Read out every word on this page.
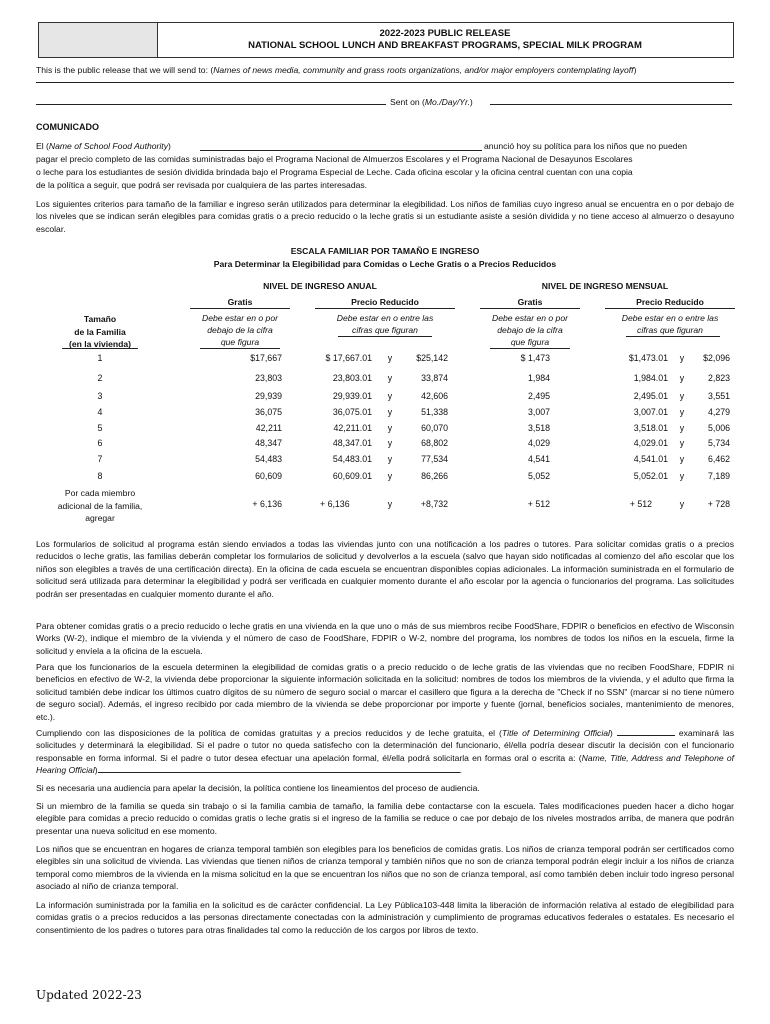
2022-2023 PUBLIC RELEASE
NATIONAL SCHOOL LUNCH AND BREAKFAST PROGRAMS, SPECIAL MILK PROGRAM
This is the public release that we will send to: (Names of news media, community and grass roots organizations, and/or major employers contemplating layoff)
Sent on (Mo./Day/Yr.)
COMUNICADO
El (Name of School Food Authority)	anunció hoy su política para los niños que no pueden
pagar el precio completo de las comidas suministradas bajo el Programa Nacional de Almuerzos Escolares y el Programa Nacional de Desayunos Escolares
o leche para los estudiantes de sesión dividida brindada bajo el Programa Especial de Leche. Cada oficina escolar y la oficina central cuentan con una copia
de la política a seguir, que podrá ser revisada por cualquiera de las partes interesadas.
Los siguientes criterios para tamaño de la familiar e ingreso serán utilizados para determinar la elegibilidad. Los niños de familias cuyo ingreso anual se encuentra en o por debajo de los niveles que se indican serán elegibles para comidas gratis o a precio reducido o la leche gratis si un estudiante asiste a sesión dividida y no tiene acceso al almuerzo o desayuno escolar.
ESCALA FAMILIAR POR TAMAÑO E INGRESO
Para Determinar la Elegibilidad para Comidas o Leche Gratis o a Precios Reducidos
NIVEL DE INGRESO ANUAL	NIVEL DE INGRESO MENSUAL
Gratis	Precio Reducido	Gratis	Precio Reducido
Tamaño
de la Familia
(en la vivienda)
Debe estar en o por
debajo de la cifra
que figura
Debe estar en o entre las
cifras que figuran
Debe estar en o por
debajo de la cifra
que figura
Debe estar en o entre las
cifras que figuran
1	$17,667	$ 17,667.01	y	$25,142	$ 1,473	$1,473.01	y	$2,096
2	23,803	23,803.01	y	33,874	1,984	1,984.01	y	2,823
3	29,939	29,939.01	y	42,606	2,495	2,495.01	y	3,551
4	36,075	36,075.01	y	51,338	3,007	3,007.01	y	4,279
5	42,211	42,211.01	y	60,070	3,518	3,518.01	y	5,006
6	48,347	48,347.01	y	68,802	4,029	4,029.01	y	5,734
7	54,483	54,483.01	y	77,534	4,541	4,541.01	y	6,462
8	60,609	60,609.01	y	86,266	5,052	5,052.01	y	7,189
Por cada miembro
adicional de la familia,
agregar
+ 6,136	+ 6,136	y	+8,732	+ 512	+ 512	y	+ 728
Los formularios de solicitud al programa están siendo enviados a todas las viviendas junto con una notificación a los padres o tutores. Para solicitar comidas gratis o a precios reducidos o leche gratis, las familias deberán completar los formularios de solicitud y devolverlos a la escuela (salvo que hayan sido notificadas al comienzo del año escolar que los niños son elegibles a través de una certificación directa). En la oficina de cada escuela se encuentran disponibles copias adicionales. La información suministrada en el formulario de solicitud será utilizada para determinar la elegibilidad y podrá ser verificada en cualquier momento durante el año escolar por la agencia o funcionarios del programa. Las solicitudes podrán ser presentadas en cualquier momento durante el año.
Para obtener comidas gratis o a precio reducido o leche gratis en una vivienda en la que uno o más de sus miembros recibe FoodShare, FDPIR o beneficios en efectivo de Wisconsin Works (W-2), indique el miembro de la vivienda y el número de caso de FoodShare, FDPIR o W-2, nombre del programa, los nombres de todos los niños en la escuela, firme la solicitud y envíela a la oficina de la escuela.
Para que los funcionarios de la escuela determinen la elegibilidad de comidas gratis o a precio reducido o de leche gratis de las viviendas que no reciben FoodShare, FDPIR ni beneficios en efectivo de W-2, la vivienda debe proporcionar la siguiente información solicitada en la solicitud: nombres de todos los miembros de la vivienda, y el adulto que firma la solicitud también debe indicar los últimos cuatro dígitos de su número de seguro social o marcar el casillero que figura a la derecha de "Check if no SSN" (marcar si no tiene número de seguro social). Además, el ingreso recibido por cada miembro de la vivienda se debe proporcionar por importe y fuente (jornal, beneficios sociales, mantenimiento de menores, etc.).
Cumpliendo con las disposiciones de la política de comidas gratuitas y a precios reducidos y de leche gratuita, el (Title of Determining Official)	examinará las solicitudes y determinará la elegibilidad. Si el padre o tutor no queda satisfecho con la determinación del funcionario, él/ella podría desear discutir la decisión con el funcionario responsable en forma informal. Si el padre o tutor desea efectuar una apelación formal, él/ella podrá solicitarla en formas oral o escrita a: (Name, Title, Address and Telephone of Hearing Official)	.
Si es necesaria una audiencia para apelar la decisión, la política contiene los lineamientos del proceso de audiencia.
Si un miembro de la familia se queda sin trabajo o si la familia cambia de tamaño, la familia debe contactarse con la escuela. Tales modificaciones pueden hacer a dicho hogar elegible para comidas a precio reducido o comidas gratis o leche gratis si el ingreso de la familia se reduce o cae por debajo de los niveles mostrados arriba, de manera que podrán presentar una nueva solicitud en ese momento.
Los niños que se encuentran en hogares de crianza temporal también son elegibles para los beneficios de comidas gratis. Los niños de crianza temporal podrán ser certificados como elegibles sin una solicitud de vivienda. Las viviendas que tienen niños de crianza temporal y también niños que no son de crianza temporal podrán elegir incluir a los niños de crianza temporal como miembros de la vivienda en la misma solicitud en la que se encuentran los niños que no son de crianza temporal, así como también deben incluir todo ingreso personal asociado al niño de crianza temporal.
La información suministrada por la familia en la solicitud es de carácter confidencial. La Ley Pública103-448 limita la liberación de información relativa al estado de elegibilidad para comidas gratis o a precios reducidos a las personas directamente conectadas con la administración y cumplimiento de programas educativos federales o estatales. Es necesario el consentimiento de los padres o tutores para otras finalidades tal como la reducción de los cargos por libros de texto.
Updated 2022-23
